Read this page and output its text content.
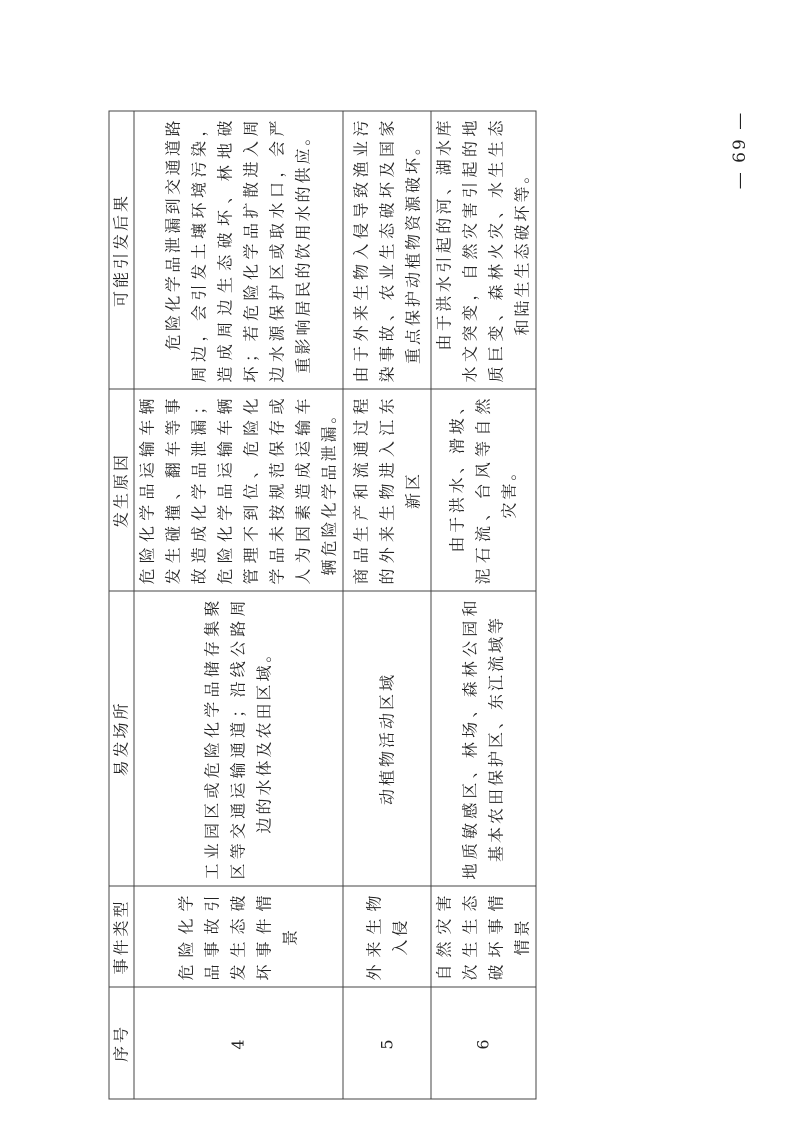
序号	事件类型	易发场所	发生原因	可能引发后果
4	危险化学品事故引发生态破坏事件情景	工业园区或危险化学品储存集聚区等交通运输通道；沿线公路周边的水体及农田区域。	危险化学品运输车辆发生碰撞、翻车等事故造成化学品泄漏；危险化学品运输车辆管理不到位、危险化学品未按规范保存或人为因素造成运输车辆危险化学品泄漏。	危险化学品泄漏到交通道路周边，会引发土壤环境污染，造成周边生态破坏、林地破坏；若危险化学品扩散进入周边水源保护区或取水口，会严重影响居民的饮用水的供应。
5	外来生物入侵	动植物活动区域	商品生产和流通过程的外来生物进入江东新区	由于外来生物入侵导致渔业污染事故、农业生态破坏及国家重点保护动植物资源破坏。
6	自然灾害次生生态破坏事情情景	地质敏感区、林场、森林公园和基本农田保护区、东江流域等	由于洪水、滑坡、泥石流、台风等自然灾害。	由于洪水引起的河、湖水库水文突变，自然灾害引起的地质巨变、森林火灾、水生生态和陆生生态破坏等。
— 69 —
